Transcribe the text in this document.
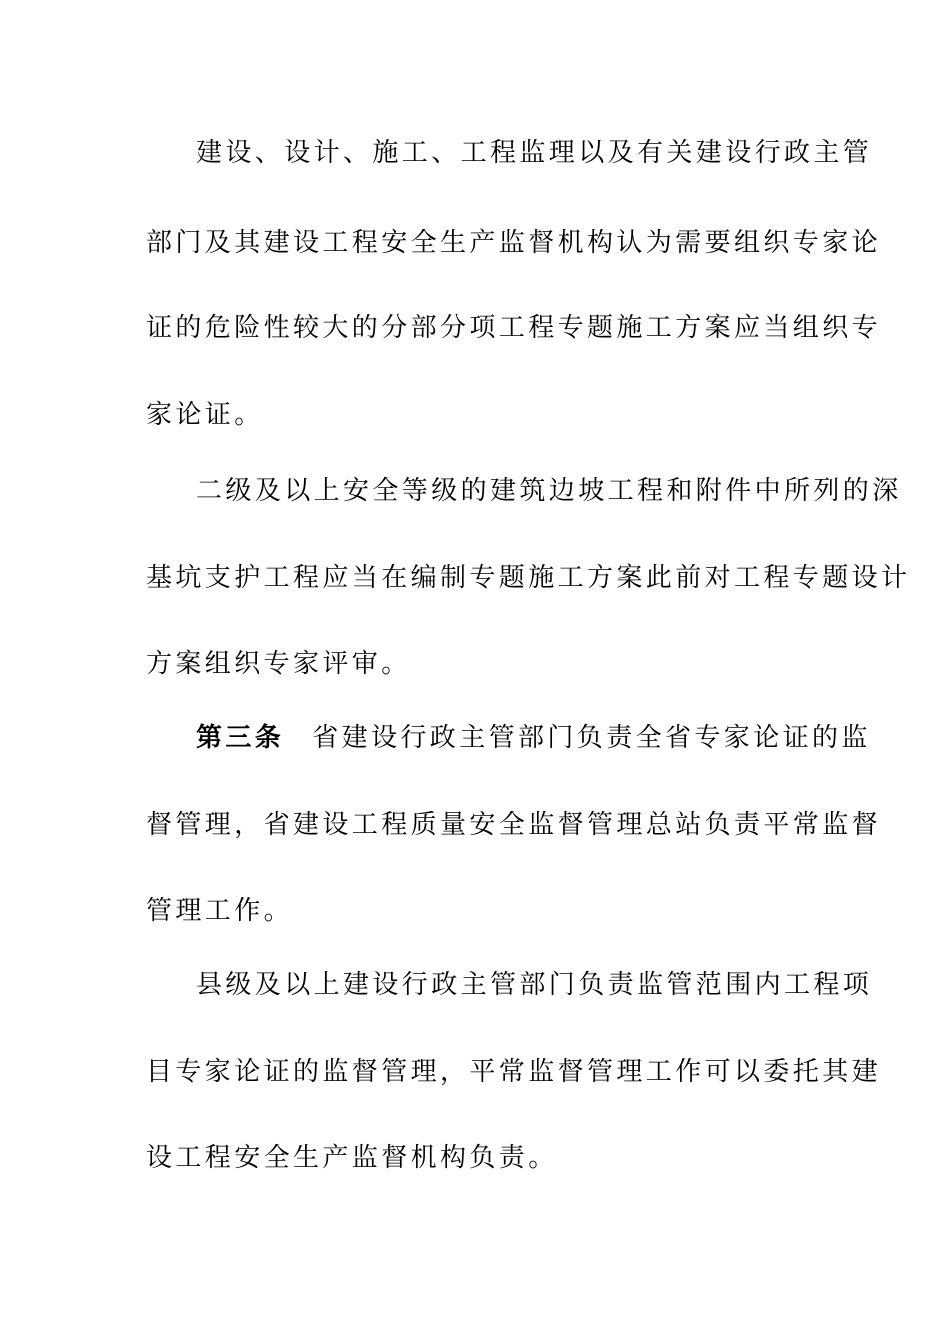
建设、设计、施工、工程监理以及有关建设行政主管
部门及其建设工程安全生产监督机构认为需要组织专家论
证的危险性较大的分部分项工程专题施工方案应当组织专
家论证。
二级及以上安全等级的建筑边坡工程和附件中所列的深
基坑支护工程应当在编制专题施工方案此前对工程专题设计
方案组织专家评审。
第三条 省建设行政主管部门负责全省专家论证的监
督管理，省建设工程质量安全监督管理总站负责平常监督
管理工作。
县级及以上建设行政主管部门负责监管范围内工程项
目专家论证的监督管理，平常监督管理工作可以委托其建
设工程安全生产监督机构负责。
